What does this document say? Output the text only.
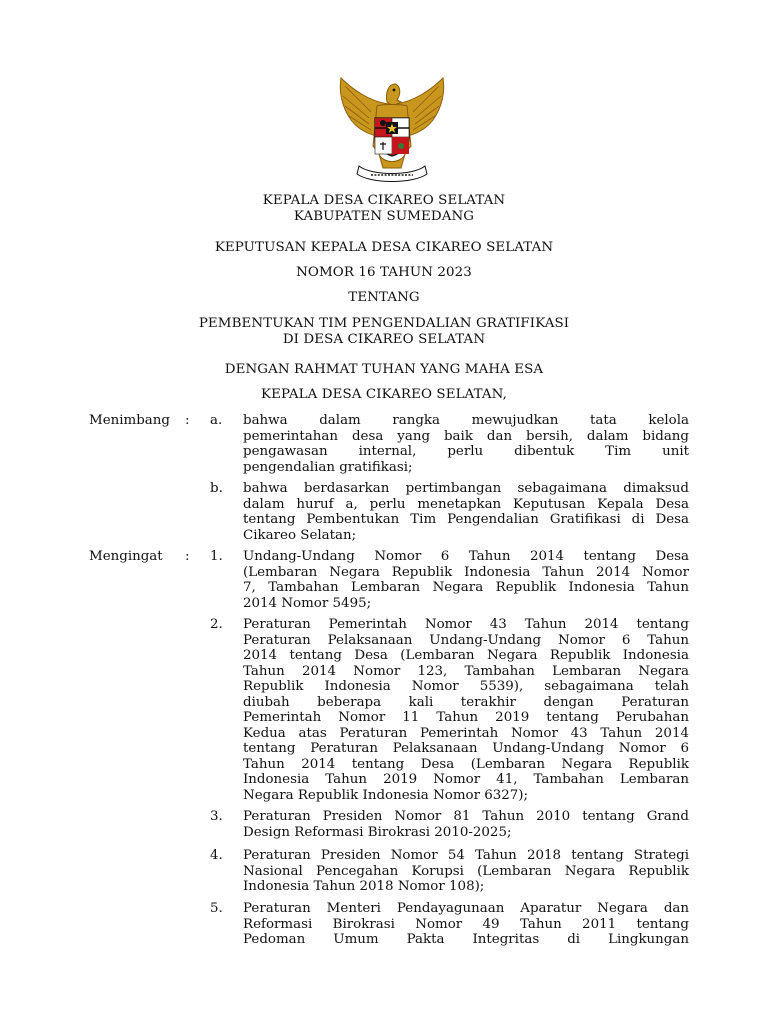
KEPALA DESA CIKAREO SELATAN
KABUPATEN SUMEDANG
KEPUTUSAN KEPALA DESA CIKAREO SELATAN
NOMOR 16 TAHUN 2023
TENTANG
PEMBENTUKAN TIM PENGENDALIAN GRATIFIKASI
DI DESA CIKAREO SELATAN
DENGAN RAHMAT TUHAN YANG MAHA ESA
KEPALA DESA CIKAREO SELATAN,
Menimbang : a. bahwa dalam rangka mewujudkan tata kelola
pemerintahan desa yang baik dan bersih, dalam bidang
pengawasan internal, perlu dibentuk Tim unit
pengendalian gratifikasi;
b. bahwa berdasarkan pertimbangan sebagaimana dimaksud
dalam huruf a, perlu menetapkan Keputusan Kepala Desa
tentang Pembentukan Tim Pengendalian Gratifikasi di Desa
Cikareo Selatan;
Mengingat : 1. Undang-Undang Nomor 6 Tahun 2014 tentang Desa
(Lembaran Negara Republik Indonesia Tahun 2014 Nomor
7, Tambahan Lembaran Negara Republik Indonesia Tahun
2014 Nomor 5495;
2. Peraturan Pemerintah Nomor 43 Tahun 2014 tentang
Peraturan Pelaksanaan Undang-Undang Nomor 6 Tahun
2014 tentang Desa (Lembaran Negara Republik Indonesia
Tahun 2014 Nomor 123, Tambahan Lembaran Negara
Republik Indonesia Nomor 5539), sebagaimana telah
diubah beberapa kali terakhir dengan Peraturan
Pemerintah Nomor 11 Tahun 2019 tentang Perubahan
Kedua atas Peraturan Pemerintah Nomor 43 Tahun 2014
tentang Peraturan Pelaksanaan Undang-Undang Nomor 6
Tahun 2014 tentang Desa (Lembaran Negara Republik
Indonesia Tahun 2019 Nomor 41, Tambahan Lembaran
Negara Republik Indonesia Nomor 6327);
3. Peraturan Presiden Nomor 81 Tahun 2010 tentang Grand
Design Reformasi Birokrasi 2010-2025;
4. Peraturan Presiden Nomor 54 Tahun 2018 tentang Strategi
Nasional Pencegahan Korupsi (Lembaran Negara Republik
Indonesia Tahun 2018 Nomor 108);
5. Peraturan Menteri Pendayagunaan Aparatur Negara dan
Reformasi Birokrasi Nomor 49 Tahun 2011 tentang
Pedoman Umum Pakta Integritas di Lingkungan
